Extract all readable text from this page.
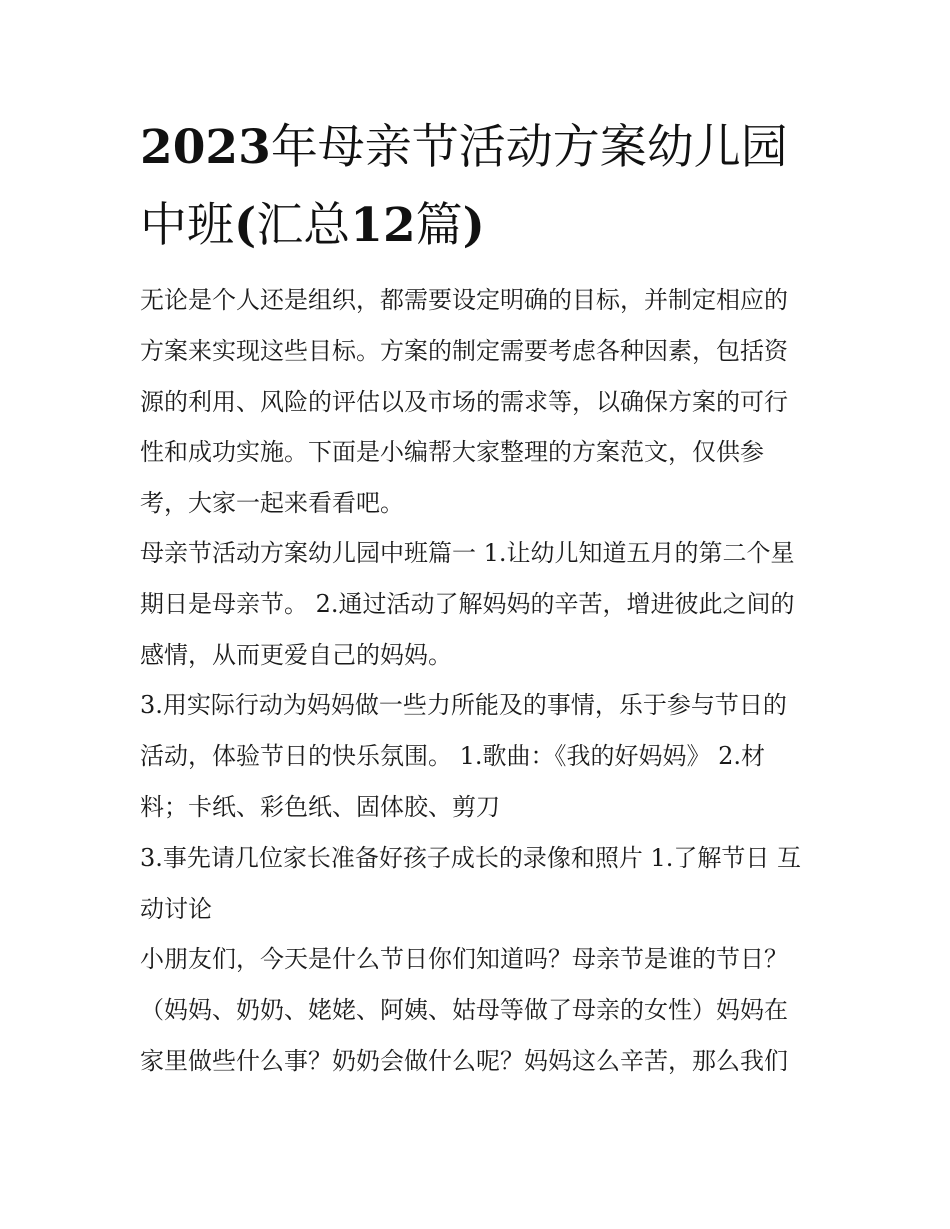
2023年母亲节活动方案幼儿园
中班(汇总12篇)
无论是个人还是组织，都需要设定明确的目标，并制定相应的
方案来实现这些目标。方案的制定需要考虑各种因素，包括资
源的利用、风险的评估以及市场的需求等，以确保方案的可行
性和成功实施。下面是小编帮大家整理的方案范文，仅供参
考，大家一起来看看吧。
母亲节活动方案幼儿园中班篇一 1.让幼儿知道五月的第二个星
期日是母亲节。 2.通过活动了解妈妈的辛苦，增进彼此之间的
感情，从而更爱自己的妈妈。
3.用实际行动为妈妈做一些力所能及的事情，乐于参与节日的
活动，体验节日的快乐氛围。 1.歌曲：《我的好妈妈》 2.材
料；卡纸、彩色纸、固体胶、剪刀
3.事先请几位家长准备好孩子成长的录像和照片 1.了解节日 互
动讨论
小朋友们，今天是什么节日你们知道吗？母亲节是谁的节日？
（妈妈、奶奶、姥姥、阿姨、姑母等做了母亲的女性）妈妈在
家里做些什么事？奶奶会做什么呢？妈妈这么辛苦，那么我们
